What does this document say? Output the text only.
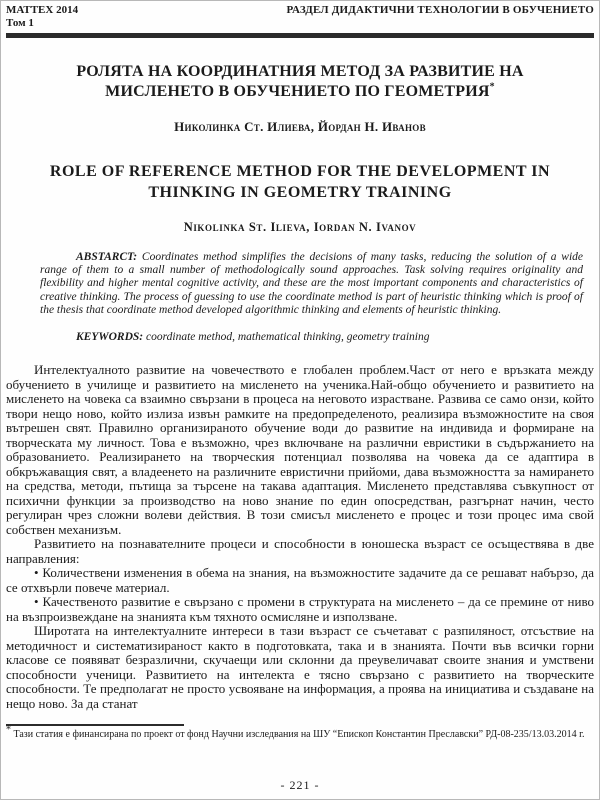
МАТТЕХ 2014
Том 1
РАЗДЕЛ ДИДАКТИЧНИ ТЕХНОЛОГИИ В ОБУЧЕНИЕТО
РОЛЯТА НА КООРДИНАТНИЯ МЕТОД ЗА РАЗВИТИЕ НА МИСЛЕНЕТО В ОБУЧЕНИЕТО ПО ГЕОМЕТРИЯ*
Николинка Ст. Илиева, Йордан Н. Иванов
ROLE OF REFERENCE METHOD FOR THE DEVELOPMENT IN THINKING IN GEOMETRY TRAINING
Nikolinka St. Ilieva, Iordan N. Ivanov

ABSTARCT: Coordinates method simplifies the decisions of many tasks, reducing the solution of a wide range of them to a small number of methodologically sound approaches. Task solving requires originality and flexibility and higher mental cognitive activity, and these are the most important components and characteristics of creative thinking. The process of guessing to use the coordinate method is part of heuristic thinking which is proof of the thesis that coordinate method developed algorithmic thinking and elements of heuristic thinking.

KEYWORDS: coordinate method, mathematical thinking, geometry training

Интелектуалното развитие на човечеството е глобален проблем.Част от него е връзката между обучението в училище и развитието на мисленето на ученика.Най-общо обучението и развитието на мисленето на човека са взаимно свързани в процеса на неговото израстване. Развива се само онзи, който твори нещо ново, който излиза извън рамките на предопределеното, реализира възможностите на своя вътрешен свят. Правилно организираното обучение води до развитие на индивида и формиране на творческата му личност. Това е възможно, чрез включване на различни евристики в съдържанието на образованието. Реализирането на творческия потенциал позволява на човека да се адаптира в обкръжаващия свят, а владеенето на различните евристични прийоми, дава възможността за намирането на средства, методи, пътища за търсене на такава адаптация. Мисленето представлява съвкупност от психични функции за производство на ново знание по един опосредстван, разгърнат начин, често регулиран чрез сложни волеви действия. В този смисъл мисленето е процес и този процес има свой собствен механизъм.

Развитието на познавателните процеси и способности в юношеска възраст се осъществява в две направления:

• Количествени изменения в обема на знания, на възможностите задачите да се решават набързо, да се отхвърли повече материал.

• Качественото развитие е свързано с промени в структурата на мисленето – да се премине от ниво на възпроизвеждане на знанията към тяхното осмисляне и използване.

Широтата на интелектуалните интереси в тази възраст се съчетават с разпиляност, отсъствие на методичност и систематизираност както в подготовката, така и в знанията. Почти във всички горни класове се появяват безразлични, скучаещи или склонни да преувеличават своите знания и умствени способности ученици. Развитието на интелекта е тясно свързано с развитието на творческите способности. Те предполагат не просто усвояване на информация, а проява на инициатива и създаване на нещо ново. За да станат

* Тази статия е финансирана по проект от фонд Научни изследвания на ШУ “Епископ Константин Преславски” РД-08-235/13.03.2014 г.
- 221 -
